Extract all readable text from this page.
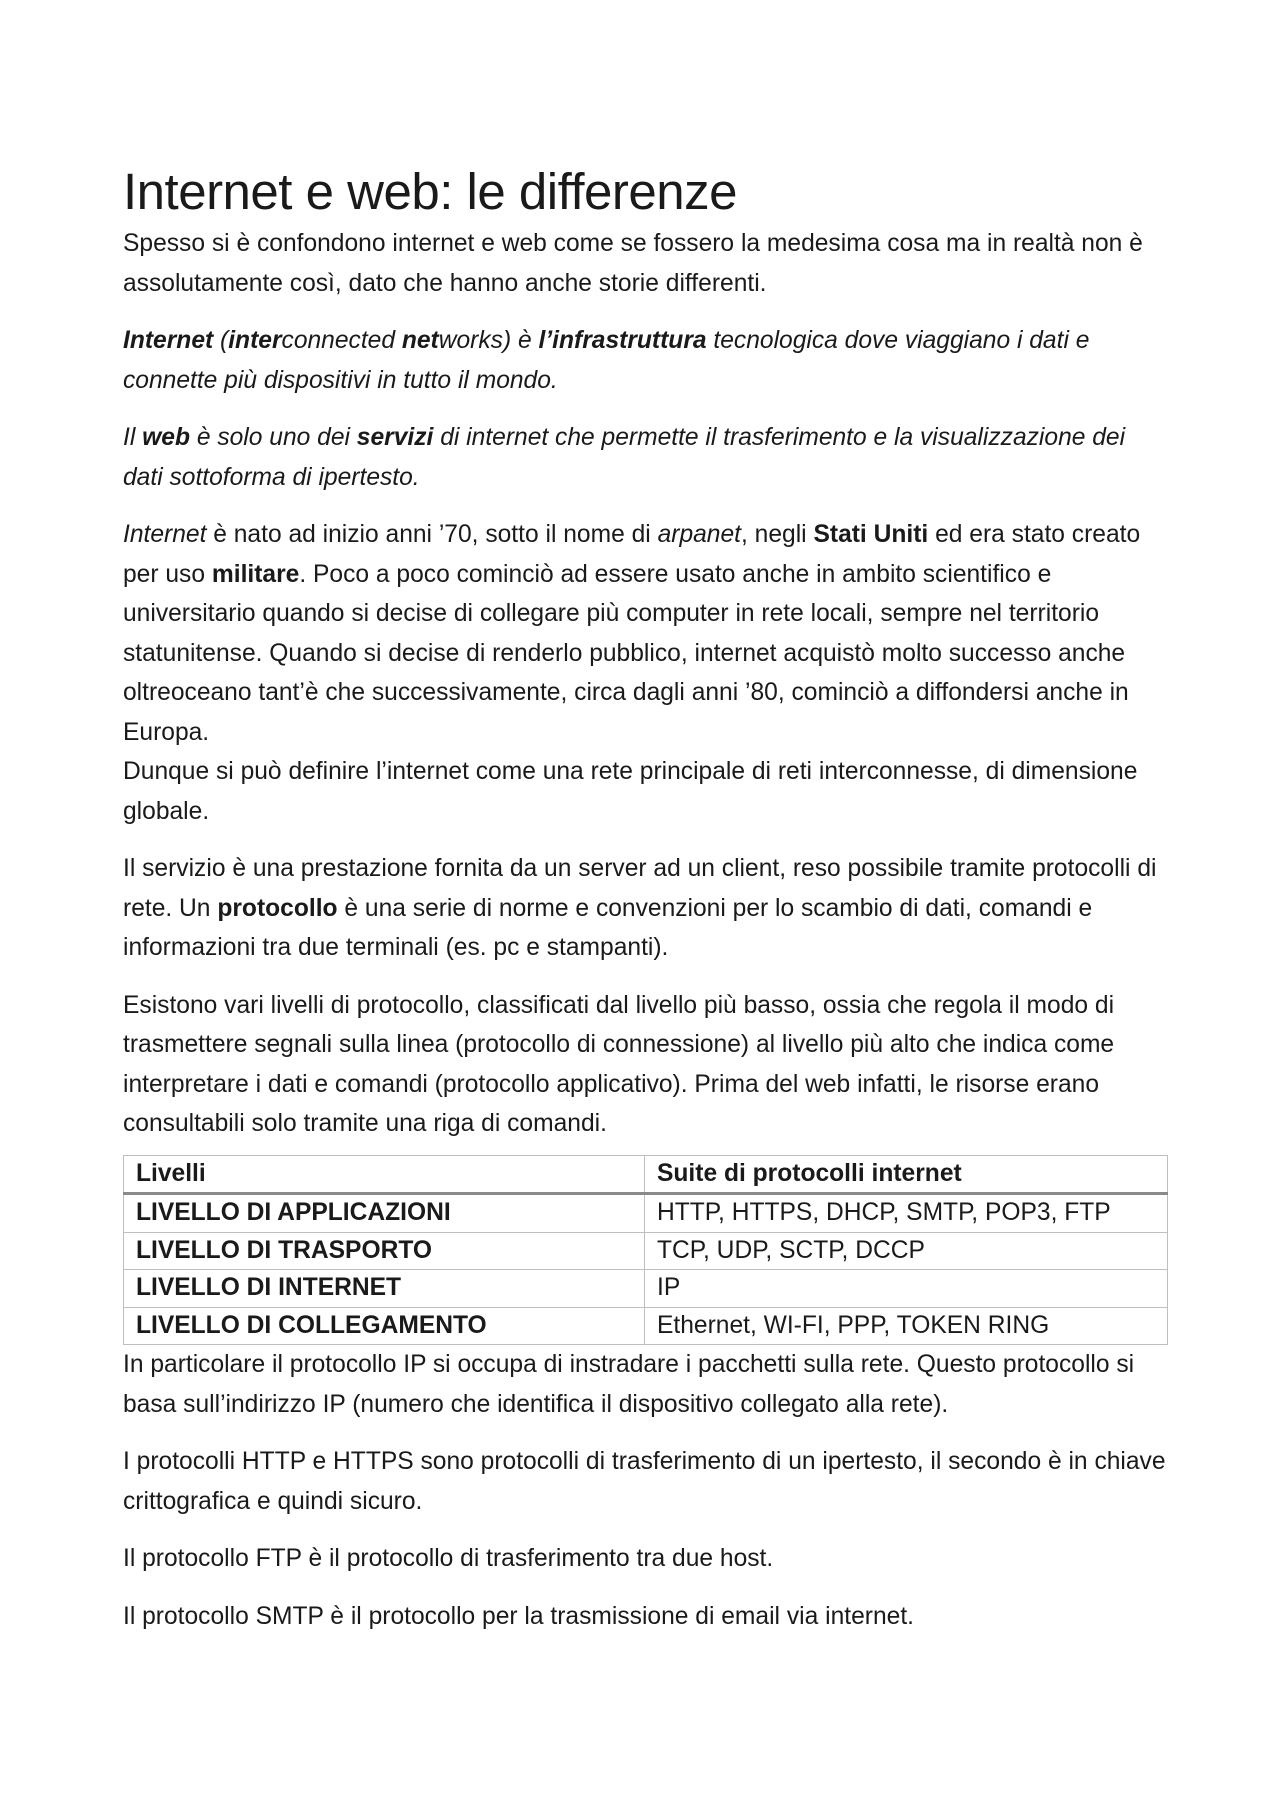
Internet e web: le differenze

Spesso si è confondono internet e web come se fossero la medesima cosa ma in realtà non è assolutamente così, dato che hanno anche storie differenti.

Internet (interconnected networks) è l’infrastruttura tecnologica dove viaggiano i dati e connette più dispositivi in tutto il mondo.

Il web è solo uno dei servizi di internet che permette il trasferimento e la visualizzazione dei dati sottoforma di ipertesto.

Internet è nato ad inizio anni ’70, sotto il nome di arpanet, negli Stati Uniti ed era stato creato per uso militare. Poco a poco cominciò ad essere usato anche in ambito scientifico e universitario quando si decise di collegare più computer in rete locali, sempre nel territorio statunitense. Quando si decise di renderlo pubblico, internet acquistò molto successo anche oltreoceano tant’è che successivamente, circa dagli anni ’80, cominciò a diffondersi anche in Europa.

Dunque si può definire l’internet come una rete principale di reti interconnesse, di dimensione globale.

Il servizio è una prestazione fornita da un server ad un client, reso possibile tramite protocolli di rete. Un protocollo è una serie di norme e convenzioni per lo scambio di dati, comandi e informazioni tra due terminali (es. pc e stampanti).

Esistono vari livelli di protocollo, classificati dal livello più basso, ossia che regola il modo di trasmettere segnali sulla linea (protocollo di connessione) al livello più alto che indica come interpretare i dati e comandi (protocollo applicativo). Prima del web infatti, le risorse erano consultabili solo tramite una riga di comandi.

Livelli	Suite di protocolli internet
LIVELLO DI APPLICAZIONI	HTTP, HTTPS, DHCP, SMTP, POP3, FTP
LIVELLO DI TRASPORTO	TCP, UDP, SCTP, DCCP
LIVELLO DI INTERNET	IP
LIVELLO DI COLLEGAMENTO	Ethernet, WI-FI, PPP, TOKEN RING

In particolare il protocollo IP si occupa di instradare i pacchetti sulla rete. Questo protocollo si basa sull’indirizzo IP (numero che identifica il dispositivo collegato alla rete).

I protocolli HTTP e HTTPS sono protocolli di trasferimento di un ipertesto, il secondo è in chiave crittografica e quindi sicuro.

Il protocollo FTP è il protocollo di trasferimento tra due host.

Il protocollo SMTP è il protocollo per la trasmissione di email via internet.
